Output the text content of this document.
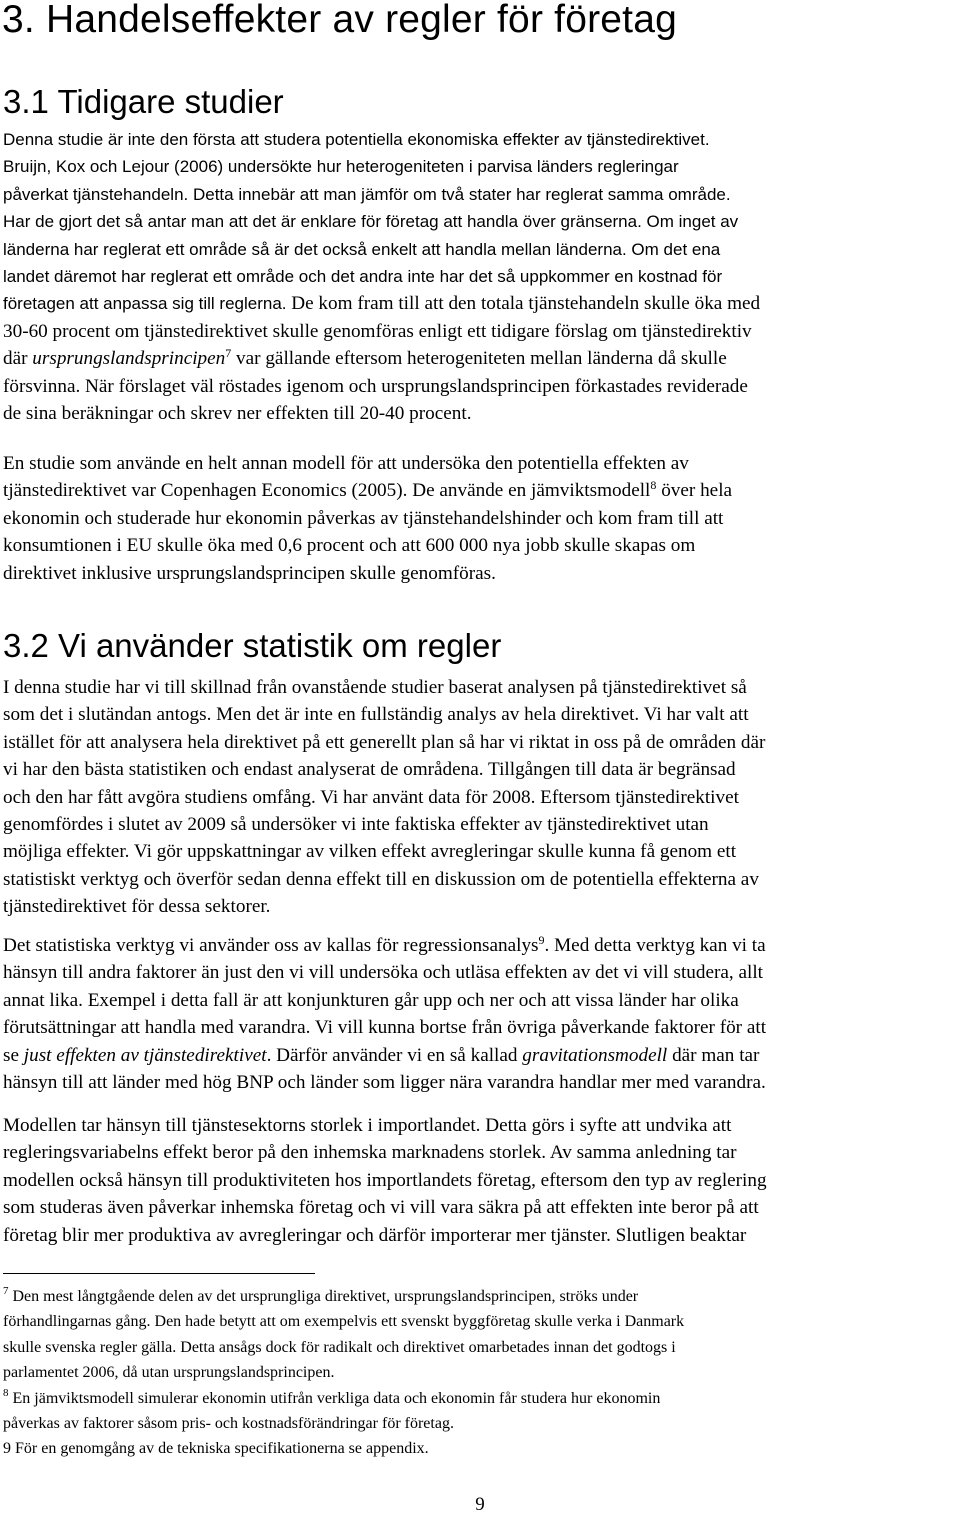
3. Handelseffekter av regler för företag
3.1 Tidigare studier
Denna studie är inte den första att studera potentiella ekonomiska effekter av tjänstedirektivet.
Bruijn, Kox och Lejour (2006) undersökte hur heterogeniteten i parvisa länders regleringar
påverkat tjänstehandeln. Detta innebär att man jämför om två stater har reglerat samma område.
Har de gjort det så antar man att det är enklare för företag att handla över gränserna. Om inget av
länderna har reglerat ett område så är det också enkelt att handla mellan länderna. Om det ena
landet däremot har reglerat ett område och det andra inte har det så uppkommer en kostnad för
företagen att anpassa sig till reglerna. De kom fram till att den totala tjänstehandeln skulle öka med
30-60 procent om tjänstedirektivet skulle genomföras enligt ett tidigare förslag om tjänstedirektiv
där ursprungslandsprincipen$^7$ var gällande eftersom heterogeniteten mellan länderna då skulle
försvinna. När förslaget väl röstades igenom och ursprungslandsprincipen förkastades reviderade
de sina beräkningar och skrev ner effekten till 20-40 procent.
En studie som använde en helt annan modell för att undersöka den potentiella effekten av
tjänstedirektivet var Copenhagen Economics (2005). De använde en jämviktsmodell$^8$ över hela
ekonomin och studerade hur ekonomin påverkas av tjänstehandelshinder och kom fram till att
konsumtionen i EU skulle öka med 0,6 procent och att 600 000 nya jobb skulle skapas om
direktivet inklusive ursprungslandsprincipen skulle genomföras.
3.2 Vi använder statistik om regler
I denna studie har vi till skillnad från ovanstående studier baserat analysen på tjänstedirektivet så
som det i slutändan antogs. Men det är inte en fullständig analys av hela direktivet. Vi har valt att
istället för att analysera hela direktivet på ett generellt plan så har vi riktat in oss på de områden där
vi har den bästa statistiken och endast analyserat de områdena. Tillgången till data är begränsad
och den har fått avgöra studiens omfång. Vi har använt data för 2008. Eftersom tjänstedirektivet
genomfördes i slutet av 2009 så undersöker vi inte faktiska effekter av tjänstedirektivet utan
möjliga effekter. Vi gör uppskattningar av vilken effekt avregleringar skulle kunna få genom ett
statistiskt verktyg och överför sedan denna effekt till en diskussion om de potentiella effekterna av
tjänstedirektivet för dessa sektorer.
Det statistiska verktyg vi använder oss av kallas för regressionsanalys$^9$. Med detta verktyg kan vi ta
hänsyn till andra faktorer än just den vi vill undersöka och utläsa effekten av det vi vill studera, allt
annat lika. Exempel i detta fall är att konjunkturen går upp och ner och att vissa länder har olika
förutsättningar att handla med varandra. Vi vill kunna bortse från övriga påverkande faktorer för att
se just effekten av tjänstedirektivet. Därför använder vi en så kallad gravitationsmodell där man tar
hänsyn till att länder med hög BNP och länder som ligger nära varandra handlar mer med varandra.
Modellen tar hänsyn till tjänstesektorns storlek i importlandet. Detta görs i syfte att undvika att
regleringsvariabelns effekt beror på den inhemska marknadens storlek. Av samma anledning tar
modellen också hänsyn till produktiviteten hos importlandets företag, eftersom den typ av reglering
som studeras även påverkar inhemska företag och vi vill vara säkra på att effekten inte beror på att
företag blir mer produktiva av avregleringar och därför importerar mer tjänster. Slutligen beaktar
$^7$ Den mest långtgående delen av det ursprungliga direktivet, ursprungslandsprincipen, ströks under
förhandlingarnas gång. Den hade betytt att om exempelvis ett svenskt byggföretag skulle verka i Danmark
skulle svenska regler gälla. Detta ansågs dock för radikalt och direktivet omarbetades innan det godtogs i
parlamentet 2006, då utan ursprungslandsprincipen.
$^8$ En jämviktsmodell simulerar ekonomin utifrån verkliga data och ekonomin får studera hur ekonomin
påverkas av faktorer såsom pris- och kostnadsförändringar för företag.
9 För en genomgång av de tekniska specifikationerna se appendix.
9
